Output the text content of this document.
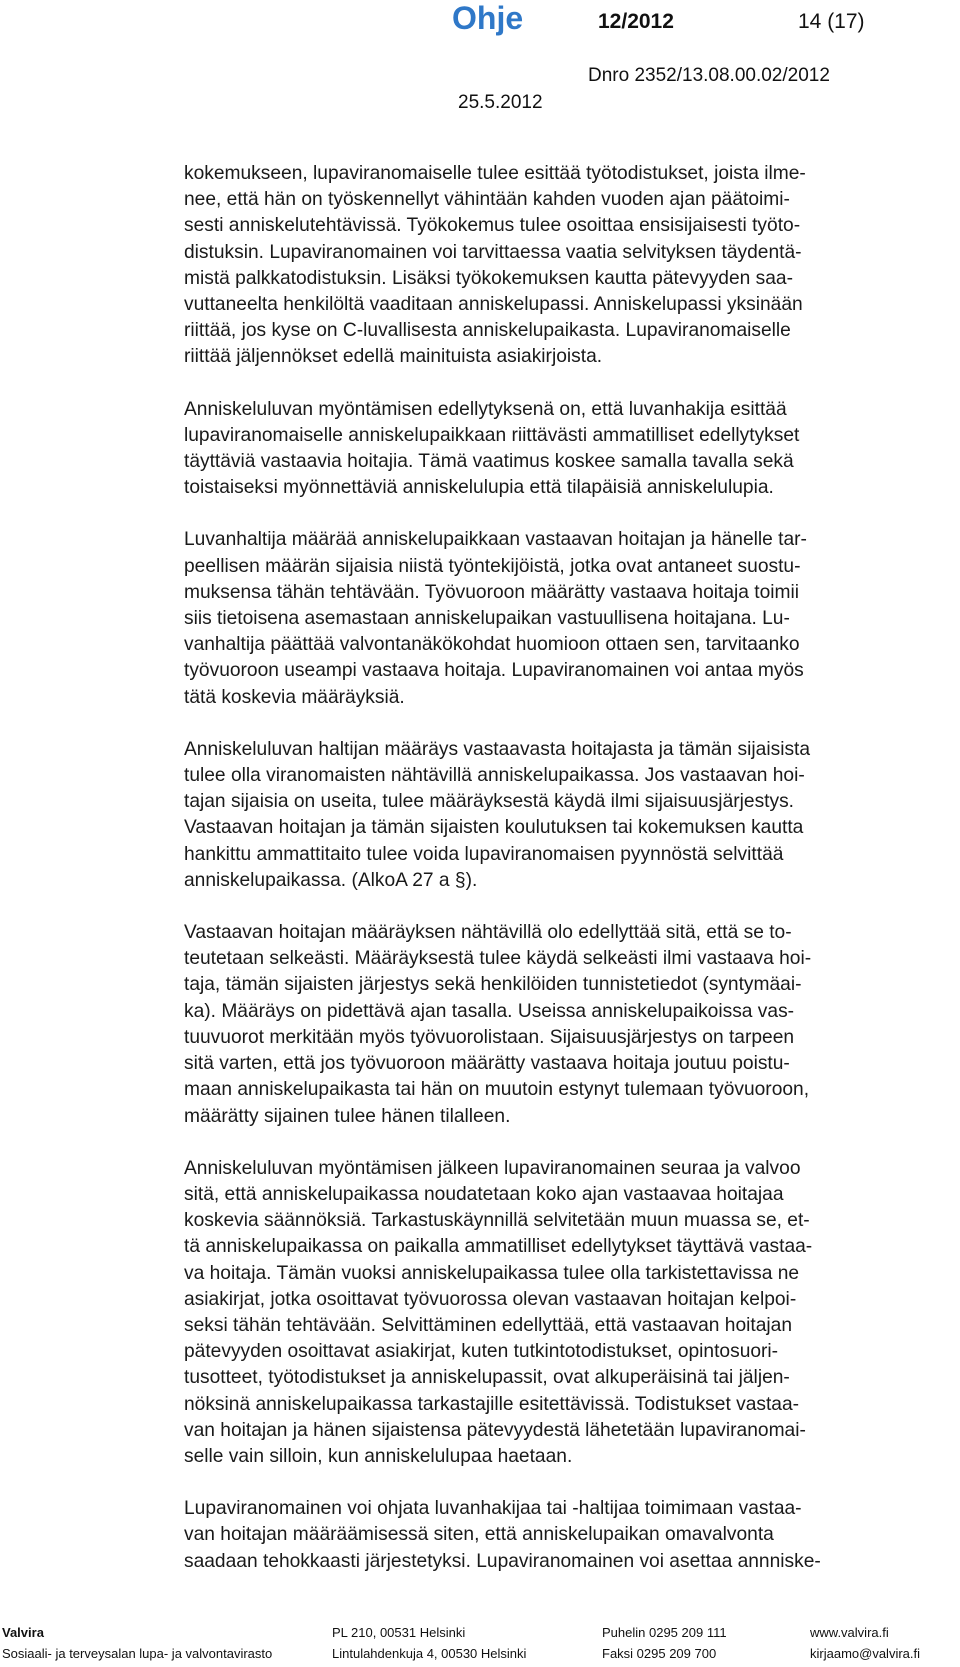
Ohje	12/2012	14 (17)
Dnro 2352/13.08.00.02/2012
25.5.2012

kokemukseen, lupaviranomaiselle tulee esittää työtodistukset, joista ilme-
nee, että hän on työskennellyt vähintään kahden vuoden ajan päätoimi-
sesti anniskelutehtävissä. Työkokemus tulee osoittaa ensisijaisesti työto-
distuksin. Lupaviranomainen voi tarvittaessa vaatia selvityksen täydentä-
mistä palkkatodistuksin. Lisäksi työkokemuksen kautta pätevyyden saa-
vuttaneelta henkilöltä vaaditaan anniskelupassi. Anniskelupassi yksinään
riittää, jos kyse on C-luvallisesta anniskelupaikasta. Lupaviranomaiselle
riittää jäljennökset edellä mainituista asiakirjoista.

Anniskeluluvan myöntämisen edellytyksenä on, että luvanhakija esittää
lupaviranomaiselle anniskelupaikkaan riittävästi ammatilliset edellytykset
täyttäviä vastaavia hoitajia. Tämä vaatimus koskee samalla tavalla sekä
toistaiseksi myönnettäviä anniskelulupia että tilapäisiä anniskelulupia.

Luvanhaltija määrää anniskelupaikkaan vastaavan hoitajan ja hänelle tar-
peellisen määrän sijaisia niistä työntekijöistä, jotka ovat antaneet suostu-
muksensa tähän tehtävään. Työvuoroon määrätty vastaava hoitaja toimii
siis tietoisena asemastaan anniskelupaikan vastuullisena hoitajana. Lu-
vanhaltija päättää valvontanäkökohdat huomioon ottaen sen, tarvitaanko
työvuoroon useampi vastaava hoitaja. Lupaviranomainen voi antaa myös
tätä koskevia määräyksiä.

Anniskeluluvan haltijan määräys vastaavasta hoitajasta ja tämän sijaisista
tulee olla viranomaisten nähtävillä anniskelupaikassa. Jos vastaavan hoi-
tajan sijaisia on useita, tulee määräyksestä käydä ilmi sijaisuusjärjestys.
Vastaavan hoitajan ja tämän sijaisten koulutuksen tai kokemuksen kautta
hankittu ammattitaito tulee voida lupaviranomaisen pyynnöstä selvittää
anniskelupaikassa. (AlkoA 27 a §).

Vastaavan hoitajan määräyksen nähtävillä olo edellyttää sitä, että se to-
teutetaan selkeästi. Määräyksestä tulee käydä selkeästi ilmi vastaava hoi-
taja, tämän sijaisten järjestys sekä henkilöiden tunnistetiedot (syntymäai-
ka). Määräys on pidettävä ajan tasalla. Useissa anniskelupaikoissa vas-
tuuvuorot merkitään myös työvuorolistaan. Sijaisuusjärjestys on tarpeen
sitä varten, että jos työvuoroon määrätty vastaava hoitaja joutuu poistu-
maan anniskelupaikasta tai hän on muutoin estynyt tulemaan työvuoroon,
määrätty sijainen tulee hänen tilalleen.

Anniskeluluvan myöntämisen jälkeen lupaviranomainen seuraa ja valvoo
sitä, että anniskelupaikassa noudatetaan koko ajan vastaavaa hoitajaa
koskevia säännöksiä. Tarkastuskäynnillä selvitetään muun muassa se, et-
tä anniskelupaikassa on paikalla ammatilliset edellytykset täyttävä vastaa-
va hoitaja. Tämän vuoksi anniskelupaikassa tulee olla tarkistettavissa ne
asiakirjat, jotka osoittavat työvuorossa olevan vastaavan hoitajan kelpoi-
seksi tähän tehtävään. Selvittäminen edellyttää, että vastaavan hoitajan
pätevyyden osoittavat asiakirjat, kuten tutkintotodistukset, opintosuori-
tusotteet, työtodistukset ja anniskelupassit, ovat alkuperäisinä tai jäljen-
nöksinä anniskelupaikassa tarkastajille esitettävissä. Todistukset vastaa-
van hoitajan ja hänen sijaistensa pätevyydestä lähetetään lupaviranomai-
selle vain silloin, kun anniskelulupaa haetaan.

Lupaviranomainen voi ohjata luvanhakijaa tai -haltijaa toimimaan vastaa-
van hoitajan määräämisessä siten, että anniskelupaikan omavalvonta
saadaan tehokkaasti järjestetyksi. Lupaviranomainen voi asettaa annniske-

Valvira
Sosiaali- ja terveysalan lupa- ja valvontavirasto
PL 210, 00531 Helsinki
Lintulahdenkuja 4, 00530 Helsinki
Puhelin 0295 209 111
Faksi 0295 209 700
www.valvira.fi
kirjaamo@valvira.fi
